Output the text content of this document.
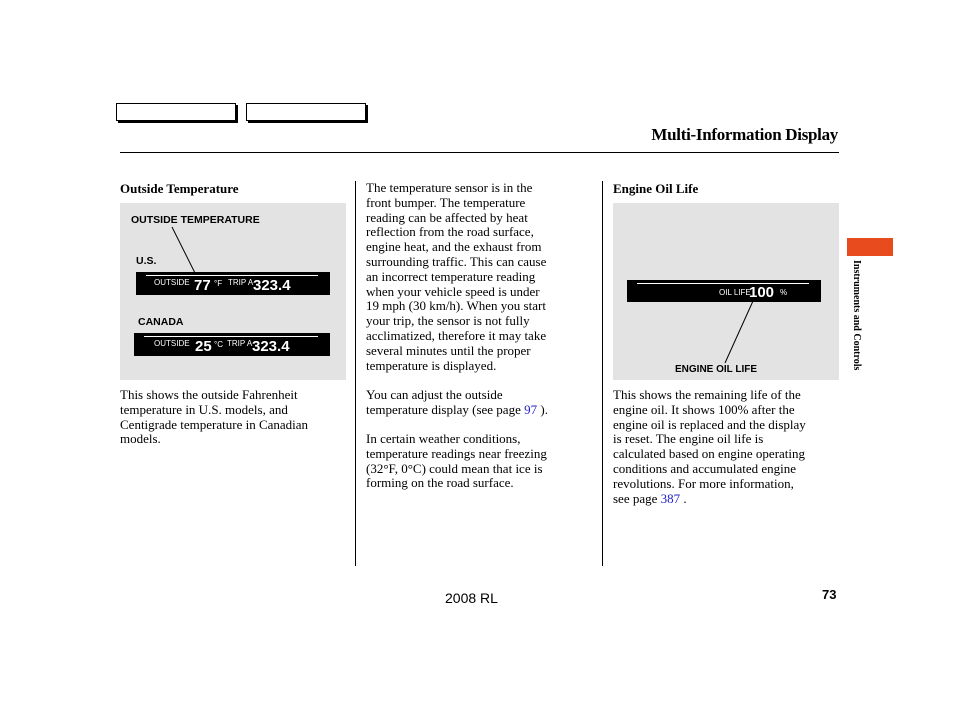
Multi-Information Display
Outside Temperature
OUTSIDE TEMPERATURE
U.S.
OUTSIDE 77 °F TRIP A 323.4
CANADA
OUTSIDE 25 °C TRIP A 323.4
This shows the outside Fahrenheit
temperature in U.S. models, and
Centigrade temperature in Canadian
models.
The temperature sensor is in the
front bumper. The temperature
reading can be affected by heat
reflection from the road surface,
engine heat, and the exhaust from
surrounding traffic. This can cause
an incorrect temperature reading
when your vehicle speed is under
19 mph (30 km/h). When you start
your trip, the sensor is not fully
acclimatized, therefore it may take
several minutes until the proper
temperature is displayed.
You can adjust the outside
temperature display (see page 97 ).
In certain weather conditions,
temperature readings near freezing
(32°F, 0°C) could mean that ice is
forming on the road surface.
Engine Oil Life
OIL LIFE
100 %
ENGINE OIL LIFE
This shows the remaining life of the
engine oil. It shows 100% after the
engine oil is replaced and the display
is reset. The engine oil life is
calculated based on engine operating
conditions and accumulated engine
revolutions. For more information,
see page 387 .
Instruments and Controls
2008 RL	73
